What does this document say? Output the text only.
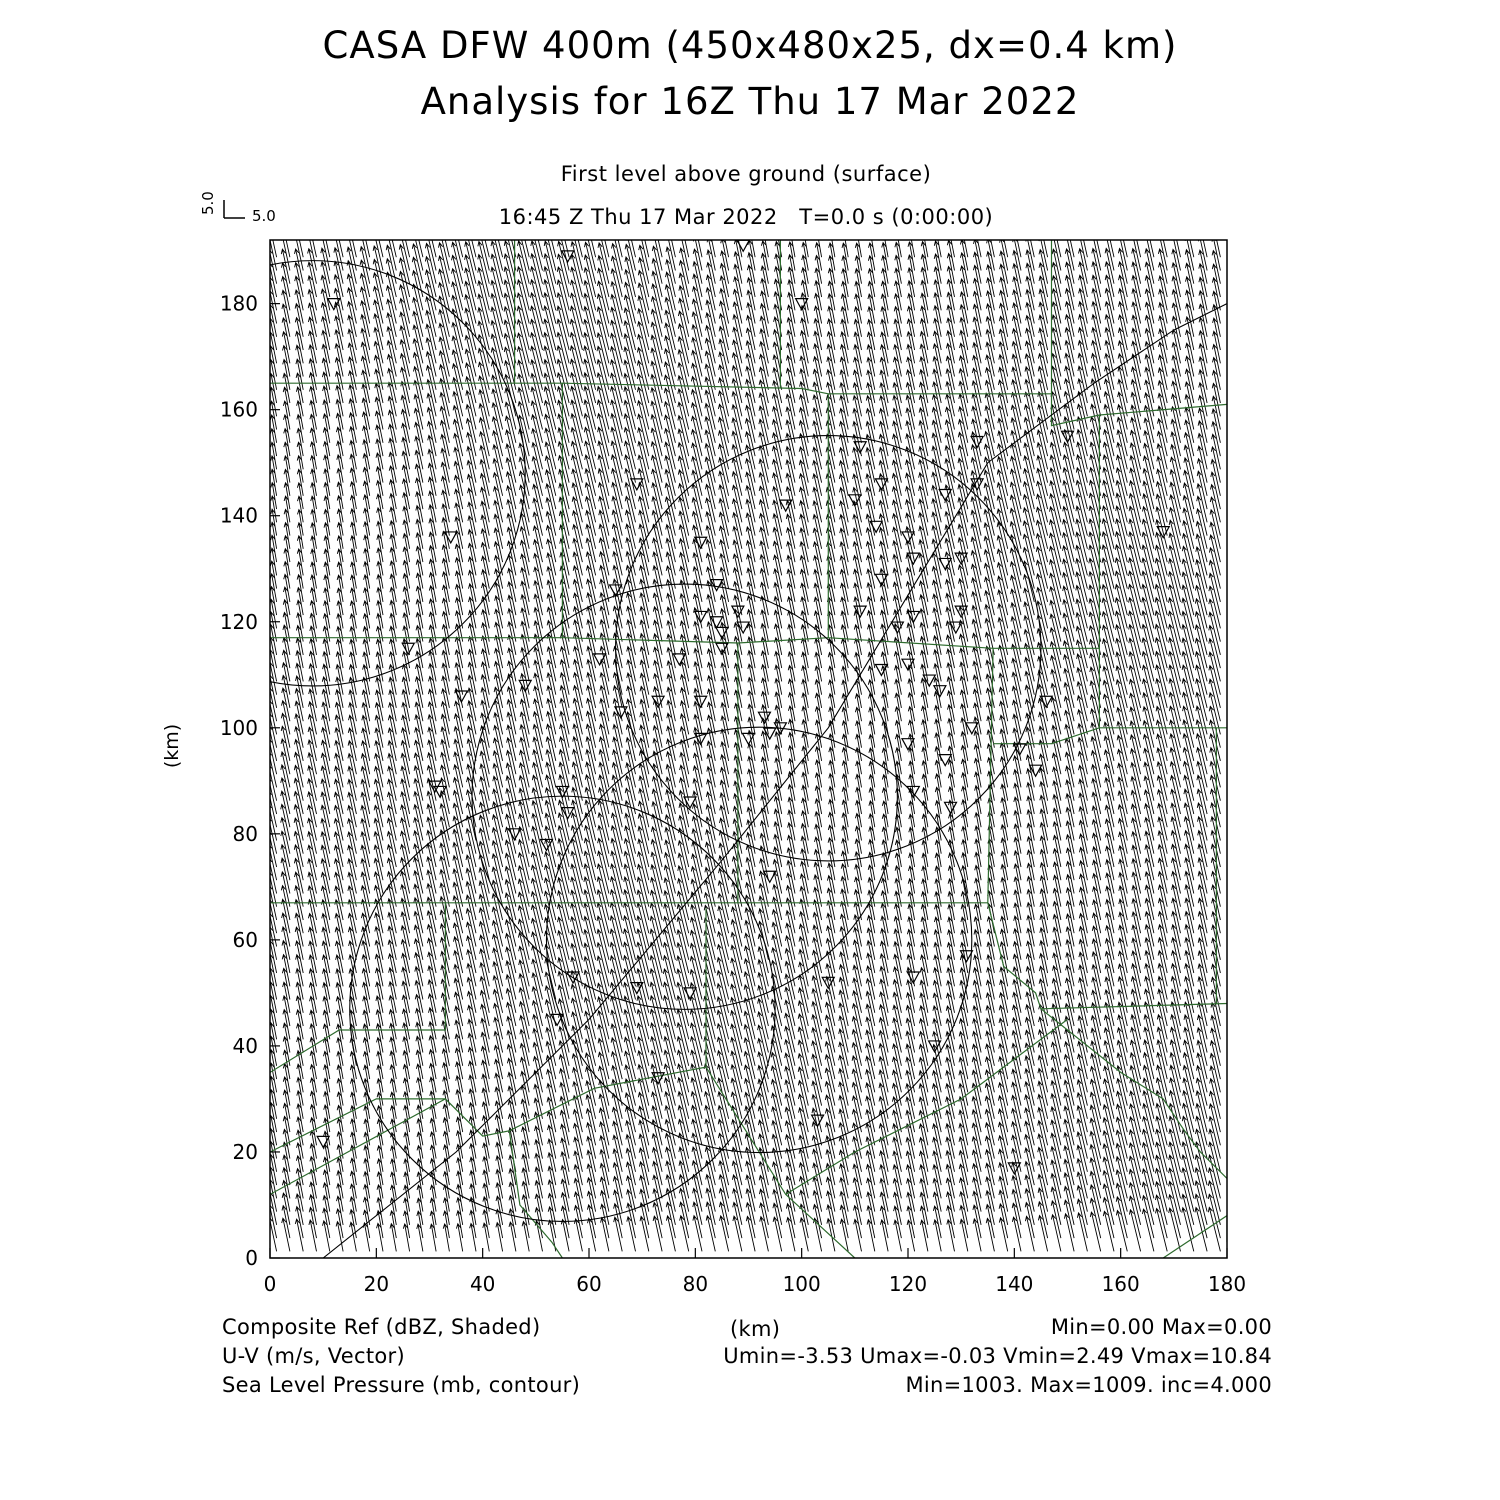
CASA DFW 400m (450x480x25, dx=0.4 km)
Analysis for 16Z Thu 17 Mar 2022
First level above ground (surface)
16:45 Z Thu 17 Mar 2022   T=0.0 s (0:00:00)
0	20	40	60	80	100	120	140	160	180
0
20
40
60
80
100
120
140
160
180
5.0
5.0
(km)
(km)
Composite Ref (dBZ, Shaded)	Min=0.00 Max=0.00
U-V (m/s, Vector)	Umin=-3.53 Umax=-0.03 Vmin=2.49 Vmax=10.84
Sea Level Pressure (mb, contour)	Min=1003. Max=1009. inc=4.000
